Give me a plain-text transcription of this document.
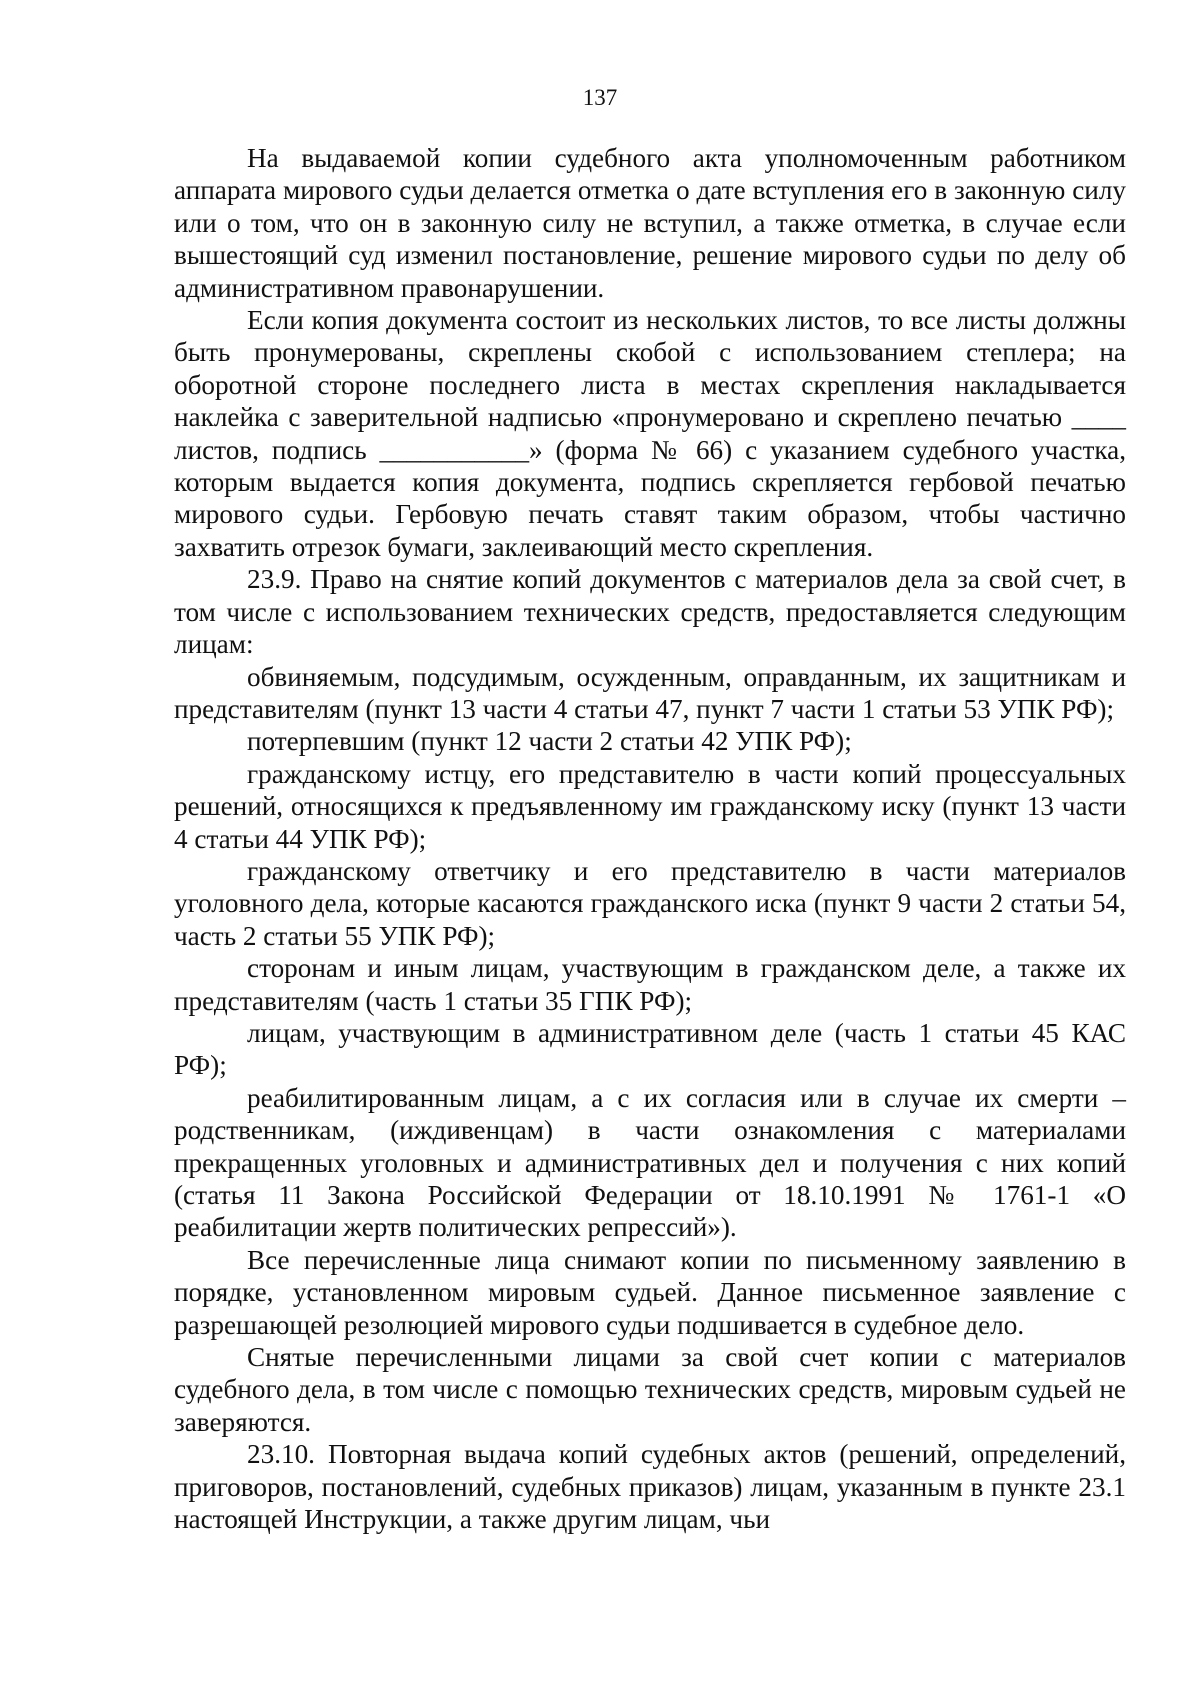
137

На выдаваемой копии судебного акта уполномоченным работником аппарата мирового судьи делается отметка о дате вступления его в законную силу или о том, что он в законную силу не вступил, а также отметка, в случае если вышестоящий суд изменил постановление, решение мирового судьи по делу об административном правонарушении.

Если копия документа состоит из нескольких листов, то все листы должны быть пронумерованы, скреплены скобой с использованием степлера; на оборотной стороне последнего листа в местах скрепления накладывается наклейка с заверительной надписью «пронумеровано и скреплено печатью ____ листов, подпись ___________» (форма № 66) с указанием судебного участка, которым выдается копия документа, подпись скрепляется гербовой печатью мирового судьи. Гербовую печать ставят таким образом, чтобы частично захватить отрезок бумаги, заклеивающий место скрепления.

23.9. Право на снятие копий документов с материалов дела за свой счет, в том числе с использованием технических средств, предоставляется следующим лицам:

обвиняемым, подсудимым, осужденным, оправданным, их защитникам и представителям (пункт 13 части 4 статьи 47, пункт 7 части 1 статьи 53 УПК РФ);

потерпевшим (пункт 12 части 2 статьи 42 УПК РФ);

гражданскому истцу, его представителю в части копий процессуальных решений, относящихся к предъявленному им гражданскому иску (пункт 13 части 4 статьи 44 УПК РФ);

гражданскому ответчику и его представителю в части материалов уголовного дела, которые касаются гражданского иска (пункт 9 части 2 статьи 54, часть 2 статьи 55 УПК РФ);

сторонам и иным лицам, участвующим в гражданском деле, а также их представителям (часть 1 статьи 35 ГПК РФ);

лицам, участвующим в административном деле (часть 1 статьи 45 КАС РФ);

реабилитированным лицам, а с их согласия или в случае их смерти – родственникам, (иждивенцам) в части ознакомления с материалами прекращенных уголовных и административных дел и получения с них копий (статья 11 Закона Российской Федерации от 18.10.1991 № 1761-1 «О реабилитации жертв политических репрессий»).

Все перечисленные лица снимают копии по письменному заявлению в порядке, установленном мировым судьей. Данное письменное заявление с разрешающей резолюцией мирового судьи подшивается в судебное дело.

Снятые перечисленными лицами за свой счет копии с материалов судебного дела, в том числе с помощью технических средств, мировым судьей не заверяются.

23.10. Повторная выдача копий судебных актов (решений, определений, приговоров, постановлений, судебных приказов) лицам, указанным в пункте 23.1 настоящей Инструкции, а также другим лицам, чьи
